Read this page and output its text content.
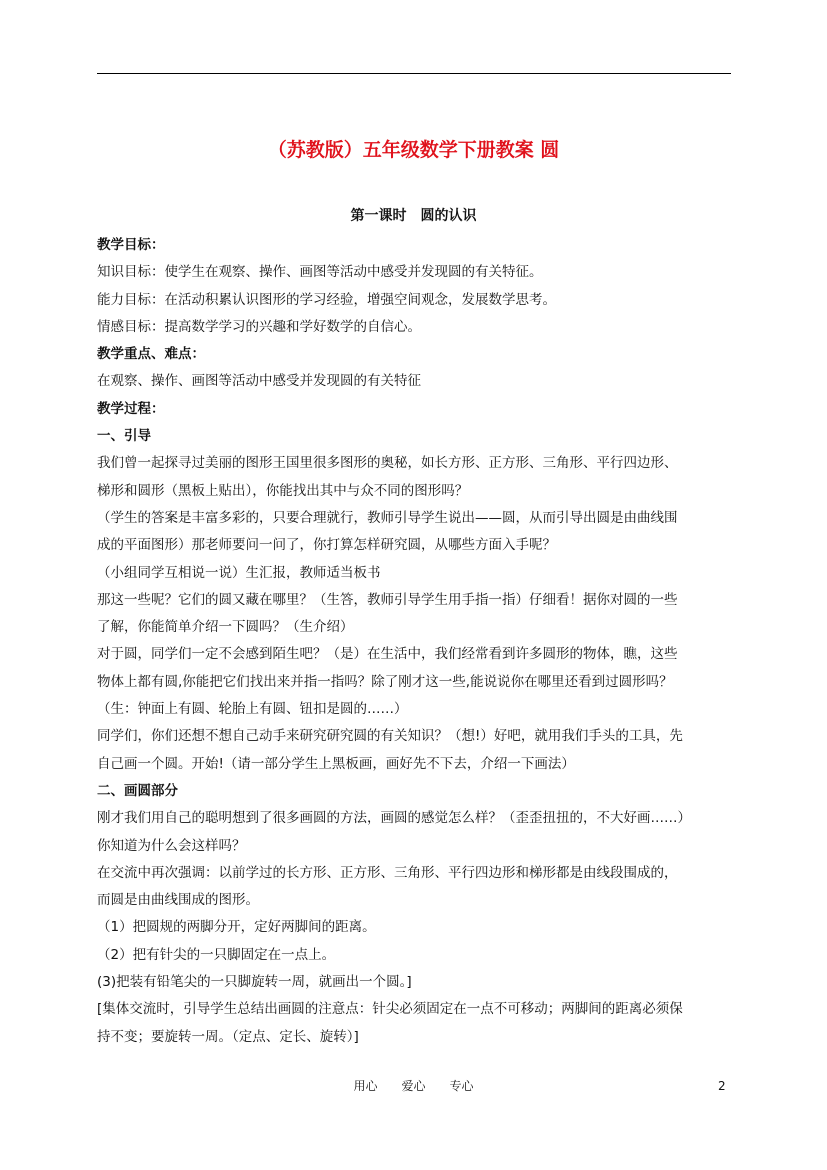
（苏教版）五年级数学下册教案 圆
第一课时　圆的认识
教学目标：
知识目标：使学生在观察、操作、画图等活动中感受并发现圆的有关特征。
能力目标：在活动积累认识图形的学习经验，增强空间观念，发展数学思考。
情感目标：提高数学学习的兴趣和学好数学的自信心。
教学重点、难点：
在观察、操作、画图等活动中感受并发现圆的有关特征
教学过程：
一、引导
我们曾一起探寻过美丽的图形王国里很多图形的奥秘，如长方形、正方形、三角形、平行四边形、
梯形和圆形（黑板上贴出），你能找出其中与众不同的图形吗？
（学生的答案是丰富多彩的，只要合理就行，教师引导学生说出——圆，从而引导出圆是由曲线围
成的平面图形）那老师要问一问了，你打算怎样研究圆，从哪些方面入手呢？
（小组同学互相说一说）生汇报，教师适当板书
那这一些呢？它们的圆又藏在哪里？（生答，教师引导学生用手指一指）仔细看！据你对圆的一些
了解，你能简单介绍一下圆吗？（生介绍）
对于圆，同学们一定不会感到陌生吧？（是）在生活中，我们经常看到许多圆形的物体，瞧，这些
物体上都有圆,你能把它们找出来并指一指吗？除了刚才这一些,能说说你在哪里还看到过圆形吗？
（生：钟面上有圆、轮胎上有圆、钮扣是圆的……）
同学们，你们还想不想自己动手来研究研究圆的有关知识？（想!）好吧，就用我们手头的工具，先
自己画一个圆。开始!（请一部分学生上黑板画，画好先不下去，介绍一下画法）
二、画圆部分
刚才我们用自己的聪明想到了很多画圆的方法，画圆的感觉怎么样？（歪歪扭扭的，不大好画……）
你知道为什么会这样吗？
在交流中再次强调：以前学过的长方形、正方形、三角形、平行四边形和梯形都是由线段围成的，
而圆是由曲线围成的图形。
（1）把圆规的两脚分开，定好两脚间的距离。
（2）把有针尖的一只脚固定在一点上。
(3)把装有铅笔尖的一只脚旋转一周，就画出一个圆。]
[集体交流时，引导学生总结出画圆的注意点：针尖必须固定在一点不可移动；两脚间的距离必须保
持不变；要旋转一周。（定点、定长、旋转）]
用心　　爱心　　专心	2
